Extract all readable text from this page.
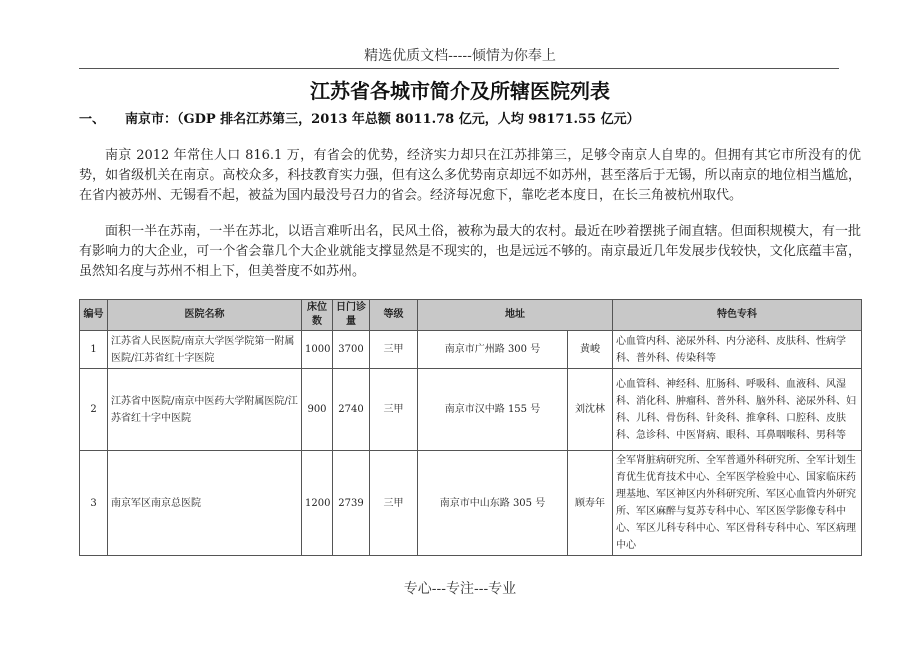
精选优质文档-----倾情为你奉上
江苏省各城市简介及所辖医院列表
一、 南京市：（GDP 排名江苏第三，2013 年总额 8011.78 亿元，人均 98171.55 亿元）

南京 2012 年常住人口 816.1 万，有省会的优势，经济实力却只在江苏排第三，足够令南京人自卑的。但拥有其它市所没有的优势，如省级机关在南京。高校众多，科技教育实力强，但有这么多优势南京却远不如苏州，甚至落后于无锡，所以南京的地位相当尴尬，在省内被苏州、无锡看不起，被益为国内最没号召力的省会。经济每况愈下，靠吃老本度日，在长三角被杭州取代。

面积一半在苏南，一半在苏北，以语言难听出名，民风土俗，被称为最大的农村。最近在吵着摆挑子闹直辖。但面积规模大，有一批有影响力的大企业，可一个省会靠几个大企业就能支撑显然是不现实的，也是远远不够的。南京最近几年发展步伐较快，文化底蕴丰富，虽然知名度与苏州不相上下，但美誉度不如苏州。

编号	医院名称	床位数	日门诊量	等级	地址		特色专科
1	江苏省人民医院/南京大学医学院第一附属医院/江苏省红十字医院	1000	3700	三甲	南京市广州路 300 号	黄峻	心血管内科、泌尿外科、内分泌科、皮肤科、性病学科、普外科、传染科等
2	江苏省中医院/南京中医药大学附属医院/江苏省红十字中医院	900	2740	三甲	南京市汉中路 155 号	刘沈林	心血管科、神经科、肛肠科、呼吸科、血液科、风湿科、消化科、肿瘤科、普外科、脑外科、泌尿外科、妇科、儿科、骨伤科、针灸科、推拿科、口腔科、皮肤科、急诊科、中医肾病、眼科、耳鼻咽喉科、男科等
3	南京军区南京总医院	1200	2739	三甲	南京市中山东路 305 号	顾寿年	全军肾脏病研究所、全军普通外科研究所、全军计划生育优生优育技术中心、全军医学检验中心、国家临床药理基地、军区神区内外科研究所、军区心血管内外研究所、军区麻醉与复苏专科中心、军区医学影像专科中心、军区儿科专科中心、军区骨科专科中心、军区病理中心
专心---专注---专业
